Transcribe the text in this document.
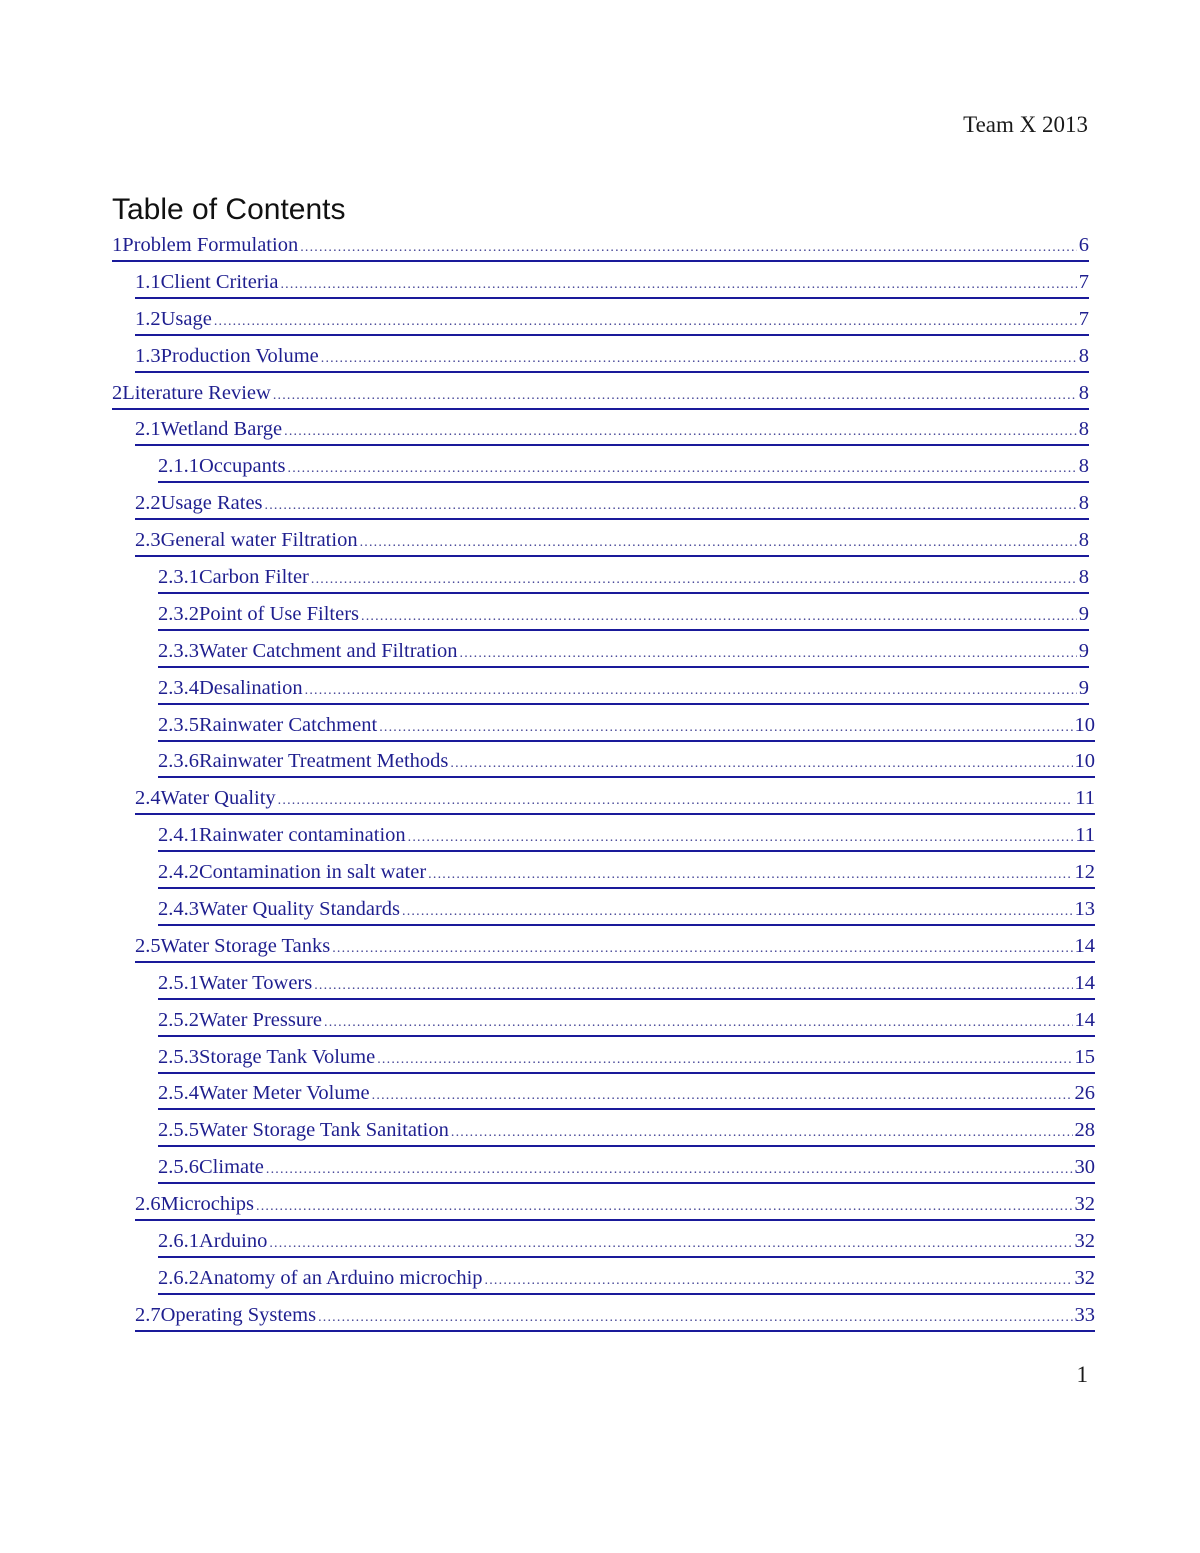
Team X 2013
Table of Contents
1 Problem Formulation .....	6
1.1 Client Criteria .....	7
1.2 Usage .....	7
1.3 Production Volume .....	8
2 Literature Review .....	8
2.1 Wetland Barge .....	8
2.1.1 Occupants .....	8
2.2 Usage Rates .....	8
2.3 General water Filtration .....	8
2.3.1 Carbon Filter .....	8
2.3.2 Point of Use Filters .....	9
2.3.3 Water Catchment and Filtration .....	9
2.3.4 Desalination .....	9
2.3.5 Rainwater Catchment .....	10
2.3.6 Rainwater Treatment Methods .....	10
2.4 Water Quality .....	11
2.4.1 Rainwater contamination .....	11
2.4.2 Contamination in salt water .....	12
2.4.3 Water Quality Standards .....	13
2.5 Water Storage Tanks .....	14
2.5.1 Water Towers .....	14
2.5.2 Water Pressure .....	14
2.5.3 Storage Tank Volume .....	15
2.5.4 Water Meter Volume .....	26
2.5.5 Water Storage Tank Sanitation .....	28
2.5.6 Climate .....	30
2.6 Microchips .....	32
2.6.1 Arduino .....	32
2.6.2 Anatomy of an Arduino microchip .....	32
2.7 Operating Systems .....	33
1
